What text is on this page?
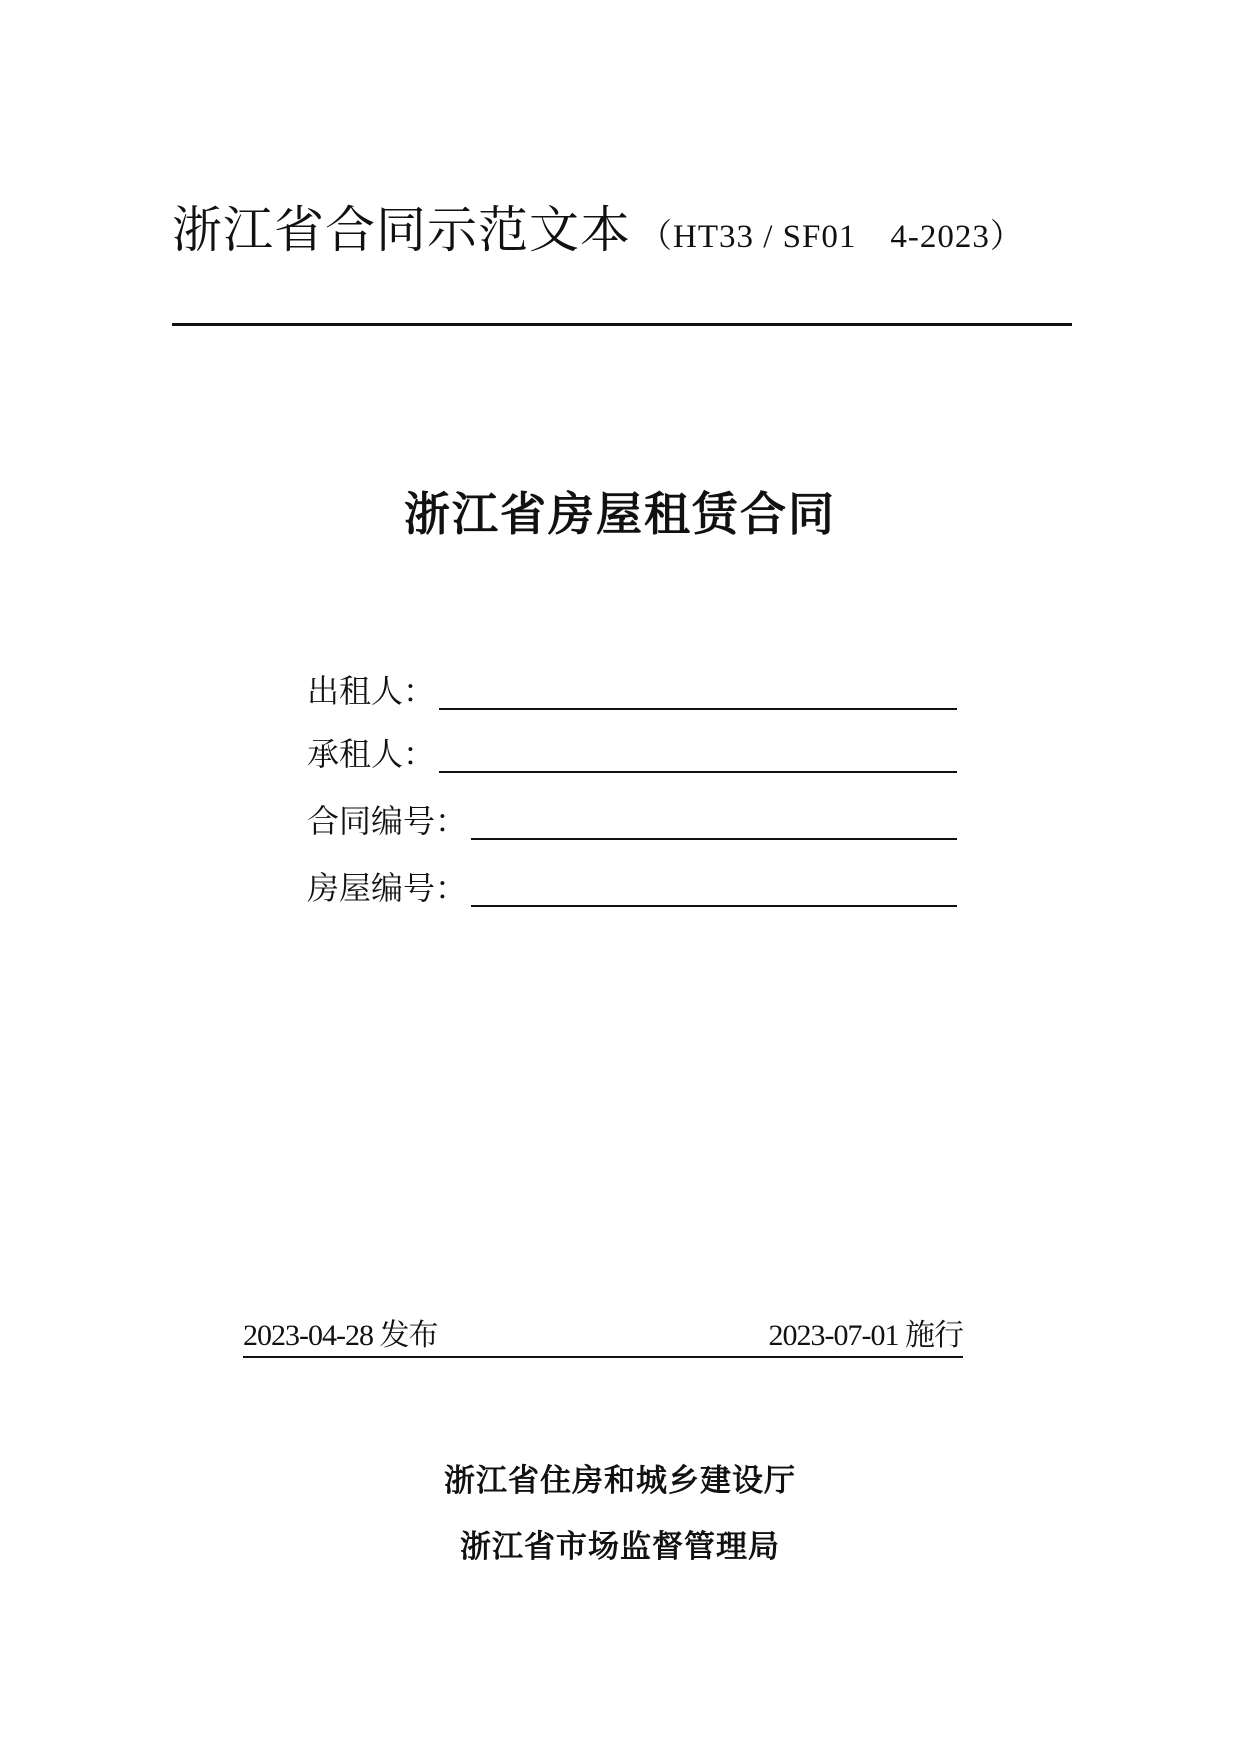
浙江省合同示范文本 （HT33 / SF01　4-2023）
浙江省房屋租赁合同
出租人：
承租人：
合同编号：
房屋编号：
2023-04-28 发布	2023-07-01 施行
浙江省住房和城乡建设厅
浙江省市场监督管理局
